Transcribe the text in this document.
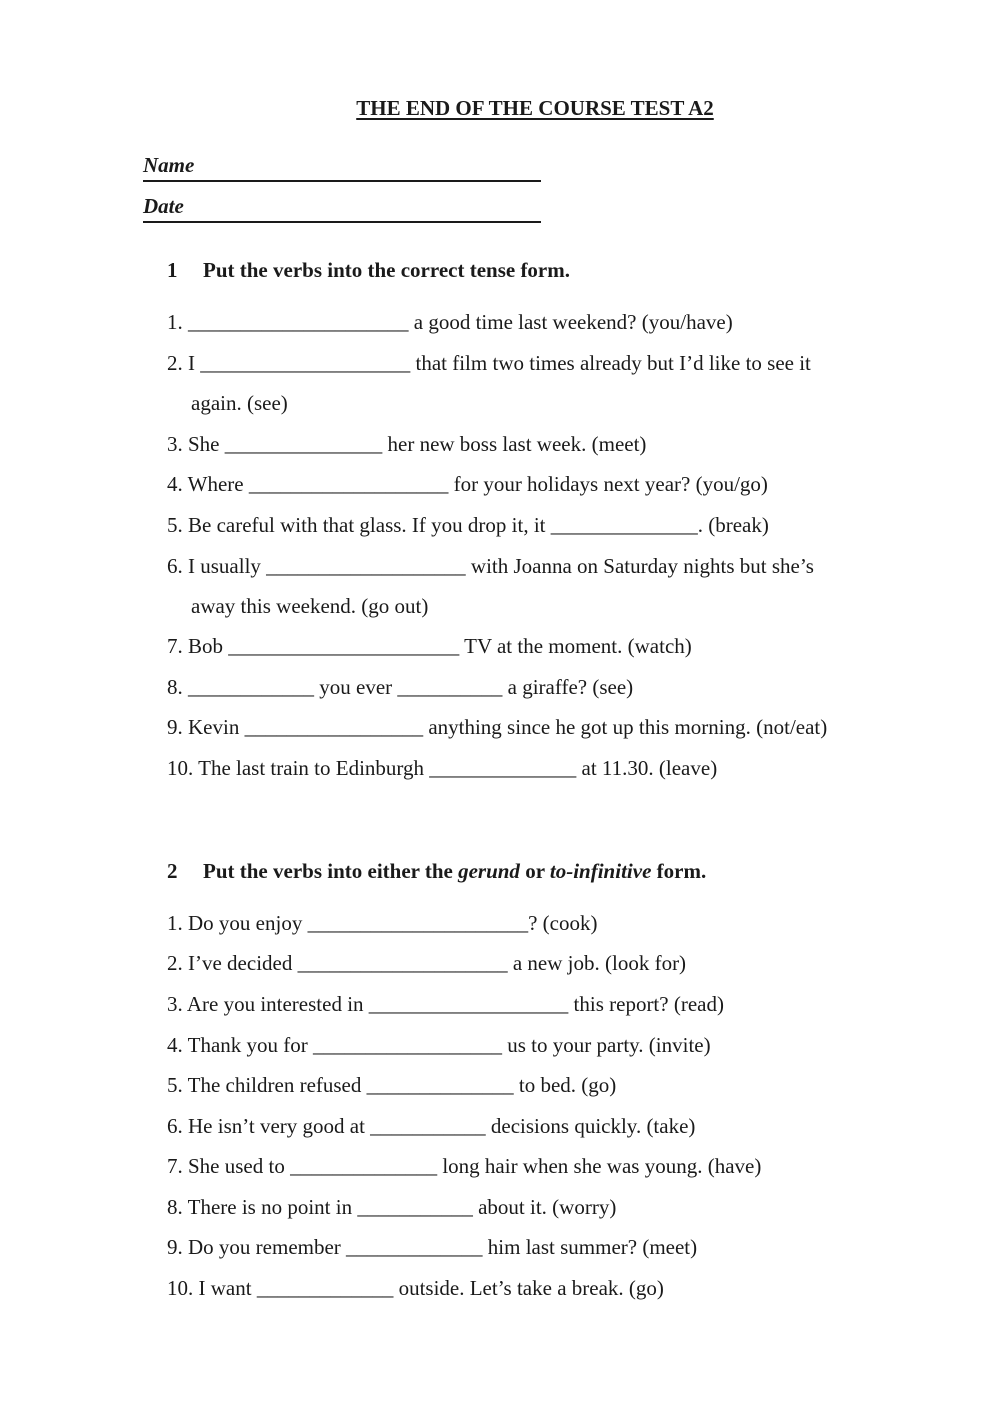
THE END OF THE COURSE TEST A2
Name
Date
1 Put the verbs into the correct tense form.
1. _____________________ a good time last weekend? (you/have)
2. I ____________________ that film two times already but I’d like to see it
again. (see)
3. She _______________ her new boss last week. (meet)
4. Where ___________________ for your holidays next year? (you/go)
5. Be careful with that glass. If you drop it, it ______________. (break)
6. I usually ___________________ with Joanna on Saturday nights but she’s
away this weekend. (go out)
7. Bob ______________________ TV at the moment. (watch)
8. ____________ you ever __________ a giraffe? (see)
9. Kevin _________________ anything since he got up this morning. (not/eat)
10. The last train to Edinburgh ______________ at 11.30. (leave)
2 Put the verbs into either the gerund or to-infinitive form.
1. Do you enjoy _____________________? (cook)
2. I’ve decided ____________________ a new job. (look for)
3. Are you interested in ___________________ this report? (read)
4. Thank you for __________________ us to your party. (invite)
5. The children refused ______________ to bed. (go)
6. He isn’t very good at ___________ decisions quickly. (take)
7. She used to ______________ long hair when she was young. (have)
8. There is no point in ___________ about it. (worry)
9. Do you remember _____________ him last summer? (meet)
10. I want _____________ outside. Let’s take a break. (go)
